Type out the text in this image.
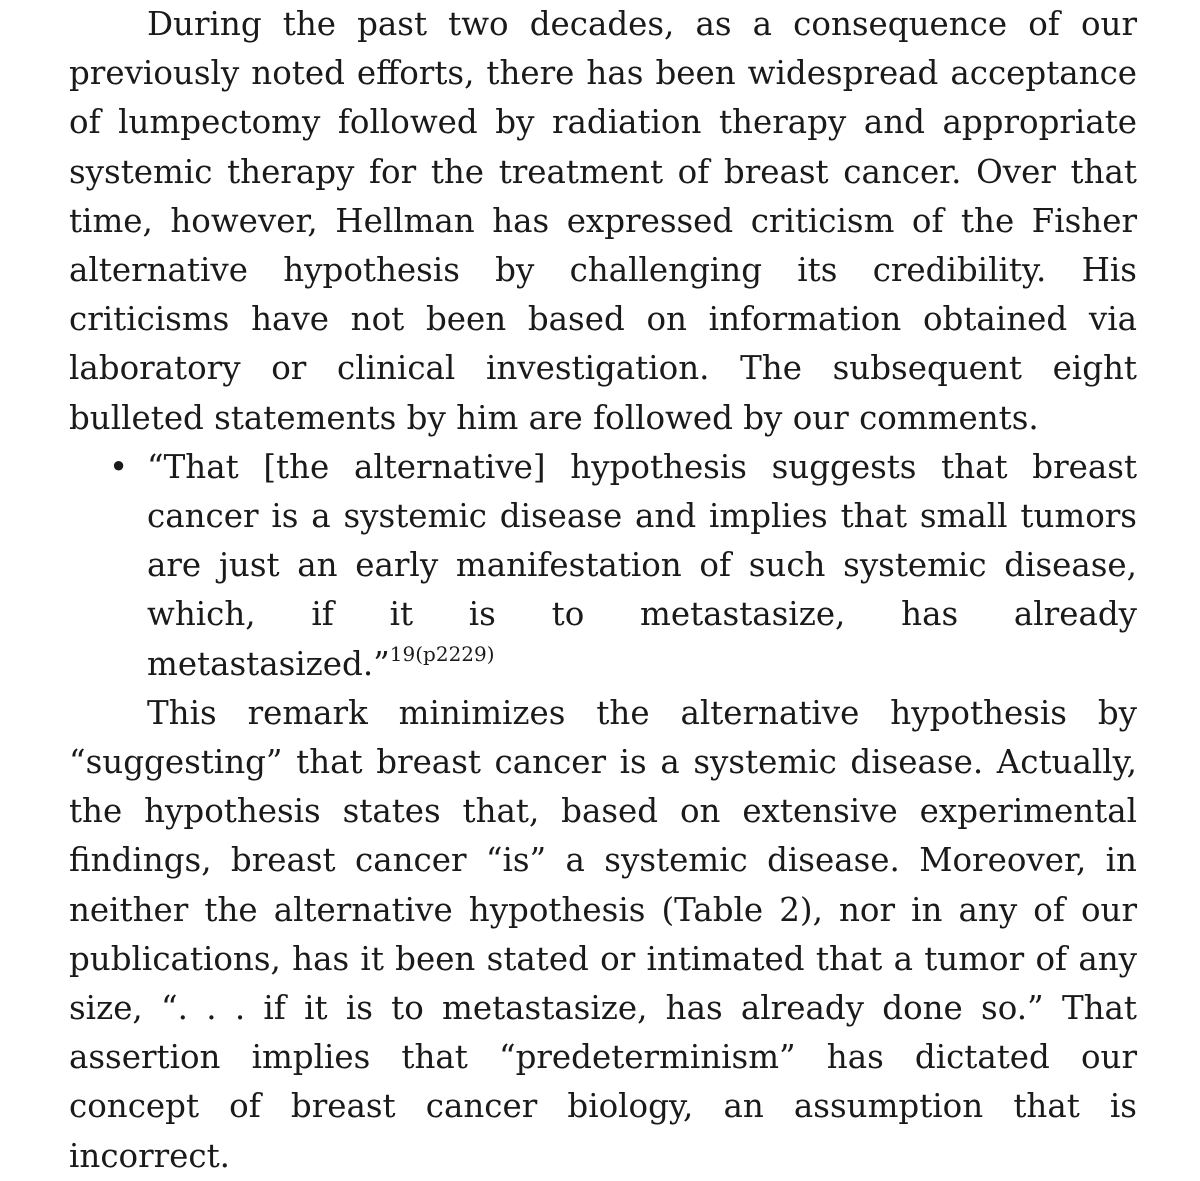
During the past two decades, as a consequence of our previously noted efforts, there has been widespread acceptance of lumpectomy followed by radiation therapy and appropriate systemic therapy for the treatment of breast cancer. Over that time, however, Hellman has expressed criticism of the Fisher alternative hypothesis by challenging its credibility. His criticisms have not been based on information obtained via laboratory or clinical investigation. The subsequent eight bulleted statements by him are followed by our comments.

• “That [the alternative] hypothesis suggests that breast cancer is a systemic disease and implies that small tumors are just an early manifestation of such systemic disease, which, if it is to metastasize, has already metastasized.”$^{19(p2229)}$

This remark minimizes the alternative hypothesis by “suggesting” that breast cancer is a systemic disease. Actually, the hypothesis states that, based on extensive experimental findings, breast cancer “is” a systemic disease. Moreover, in neither the alternative hypothesis (Table 2), nor in any of our publications, has it been stated or intimated that a tumor of any size, “. . . if it is to metastasize, has already done so.” That assertion implies that “predeterminism” has dictated our concept of breast cancer biology, an assumption that is incorrect.
